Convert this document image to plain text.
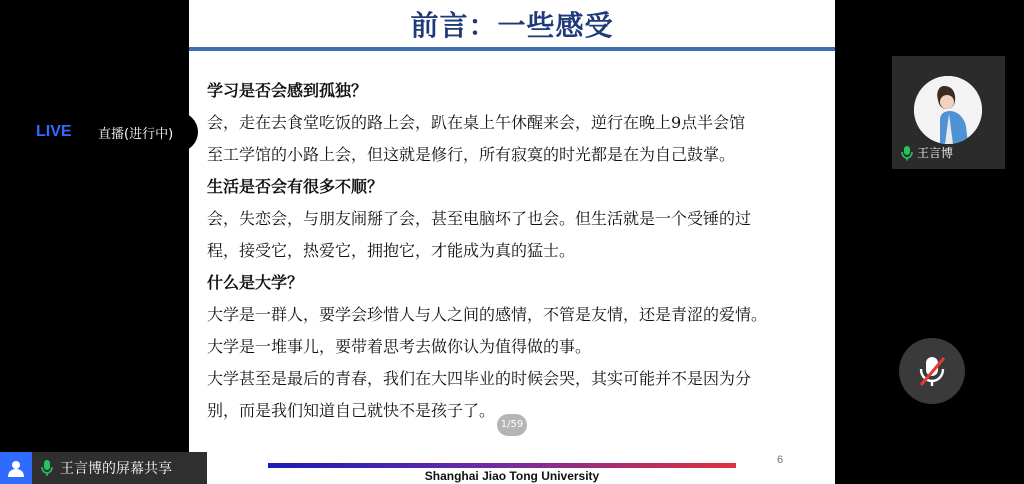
前言：一些感受
学习是否会感到孤独？
会，走在去食堂吃饭的路上会，趴在桌上午休醒来会，逆行在晚上9点半会馆
至工学馆的小路上会，但这就是修行，所有寂寞的时光都是在为自己鼓掌。
生活是否会有很多不顺？
会，失恋会，与朋友闹掰了会，甚至电脑坏了也会。但生活就是一个受锤的过
程，接受它，热爱它，拥抱它，才能成为真的猛士。
什么是大学？
大学是一群人，要学会珍惜人与人之间的感情，不管是友情，还是青涩的爱情。
大学是一堆事儿，要带着思考去做你认为值得做的事。
大学甚至是最后的青春，我们在大四毕业的时候会哭，其实可能并不是因为分
别，而是我们知道自己就快不是孩子了。
1/59
Shanghai Jiao Tong University
6
LIVE	直播(进行中)
王言博
王言博的屏幕共享
